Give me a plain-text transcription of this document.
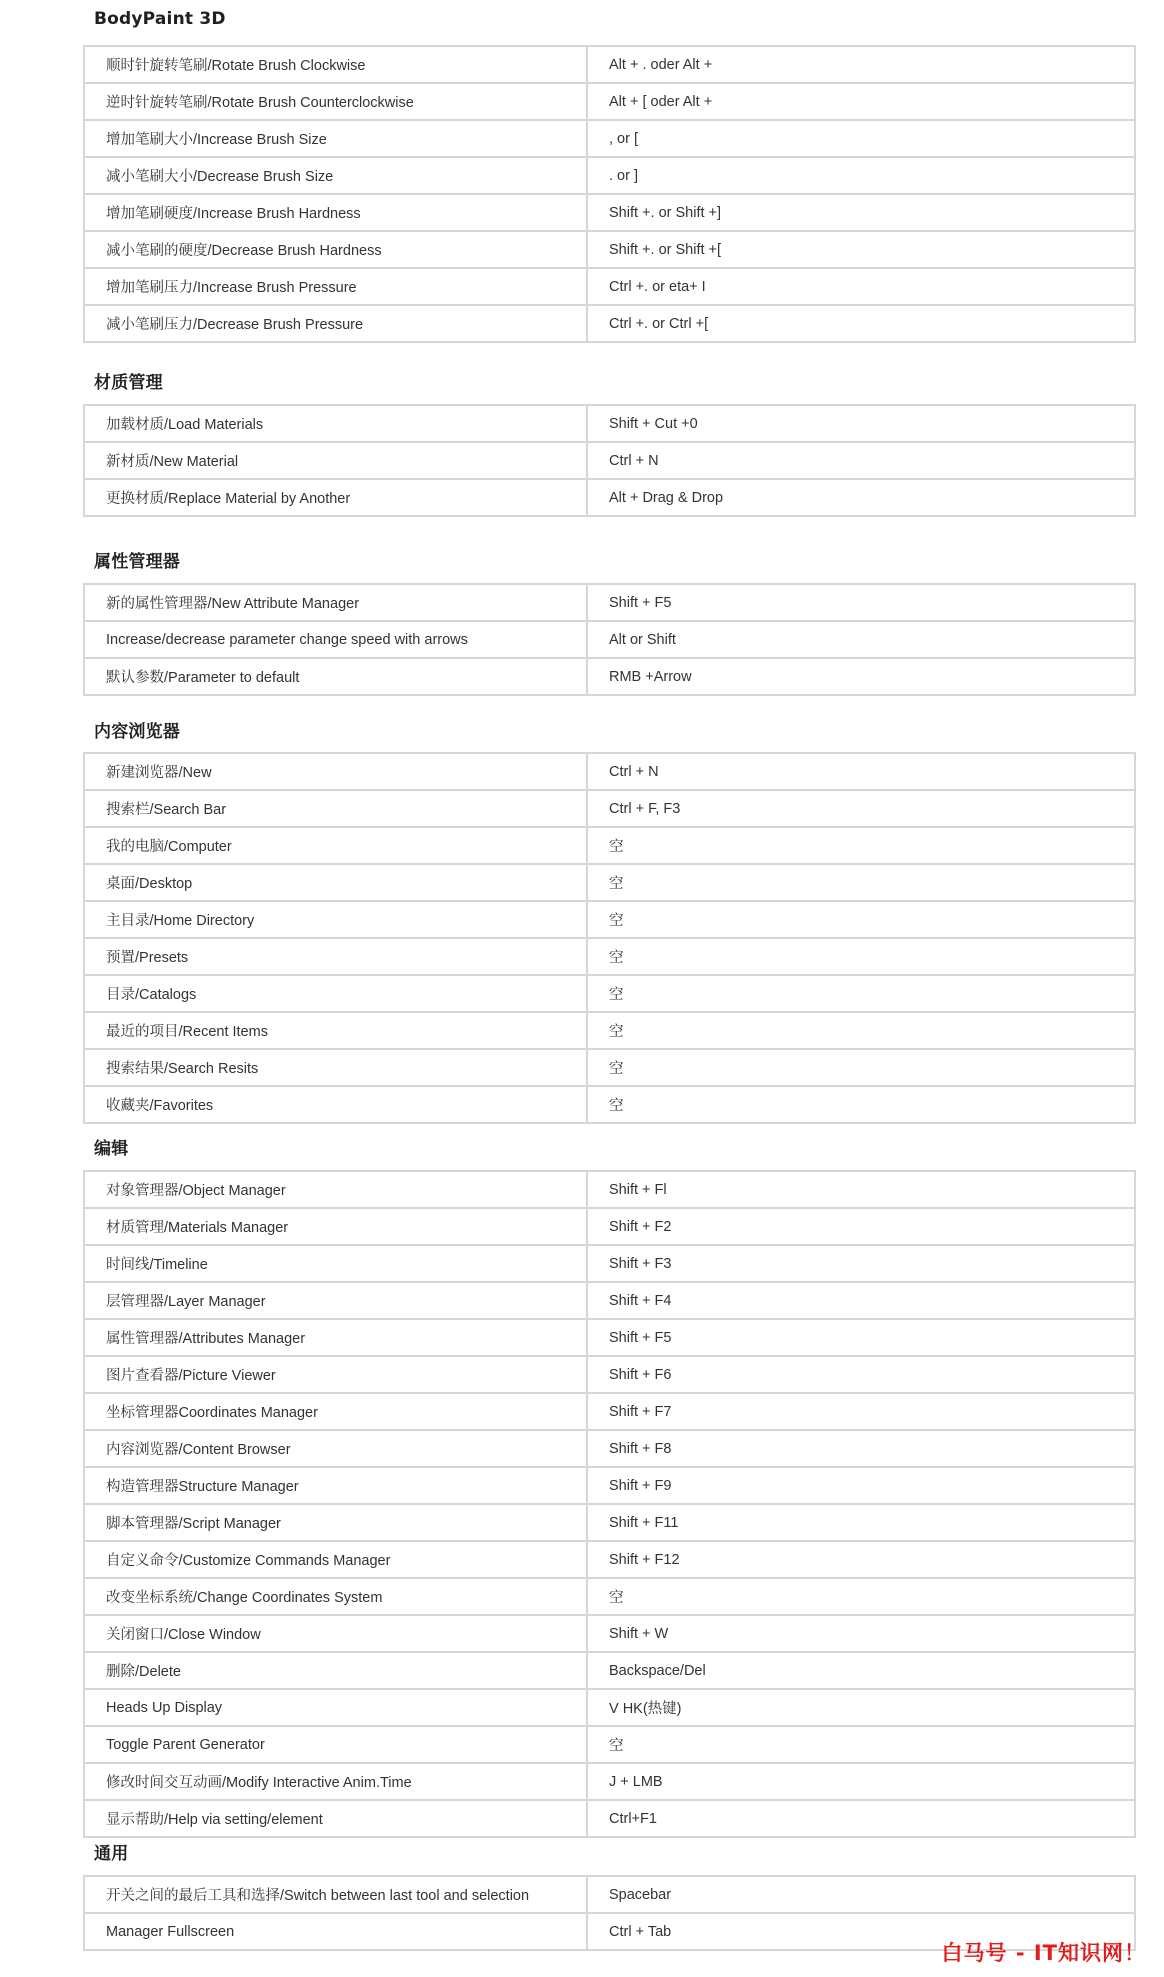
BodyPaint 3D
顺时针旋转笔刷/Rotate Brush Clockwise	Alt + . oder Alt +
逆时针旋转笔刷/Rotate Brush Counterclockwise	Alt + [ oder Alt +
增加笔刷大小/Increase Brush Size	, or [
减小笔刷大小/Decrease Brush Size	. or ]
增加笔刷硬度/Increase Brush Hardness	Shift +. or Shift +]
减小笔刷的硬度/Decrease Brush Hardness	Shift +. or Shift +[
增加笔刷压力/Increase Brush Pressure	Ctrl +. or eta+ I
减小笔刷压力/Decrease Brush Pressure	Ctrl +. or Ctrl +[
材质管理
加载材质/Load Materials	Shift + Cut +0
新材质/New Material	Ctrl + N
更换材质/Replace Material by Another	Alt + Drag & Drop
属性管理器
新的属性管理器/New Attribute Manager	Shift + F5
Increase/decrease parameter change speed with arrows	Alt or Shift
默认参数/Parameter to default	RMB +Arrow
内容浏览器
新建浏览器/New	Ctrl + N
搜索栏/Search Bar	Ctrl + F, F3
我的电脑/Computer	空
桌面/Desktop	空
主目录/Home Directory	空
预置/Presets	空
目录/Catalogs	空
最近的项目/Recent Items	空
搜索结果/Search Resits	空
收藏夹/Favorites	空
编辑
对象管理器/Object Manager	Shift + Fl
材质管理/Materials Manager	Shift + F2
时间线/Timeline	Shift + F3
层管理器/Layer Manager	Shift + F4
属性管理器/Attributes Manager	Shift + F5
图片查看器/Picture Viewer	Shift + F6
坐标管理器Coordinates Manager	Shift + F7
内容浏览器/Content Browser	Shift + F8
构造管理器Structure Manager	Shift + F9
脚本管理器/Script Manager	Shift + F11
自定义命令/Customize Commands Manager	Shift + F12
改变坐标系统/Change Coordinates System	空
关闭窗口/Close Window	Shift + W
删除/Delete	Backspace/Del
Heads Up Display	V HK(热键)
Toggle Parent Generator	空
修改时间交互动画/Modify Interactive Anim.Time	J + LMB
显示帮助/Help via setting/element	Ctrl+F1
通用
开关之间的最后工具和选择/Switch between last tool and selection	Spacebar
Manager Fullscreen	Ctrl + Tab
白马号 - IT知识网！
